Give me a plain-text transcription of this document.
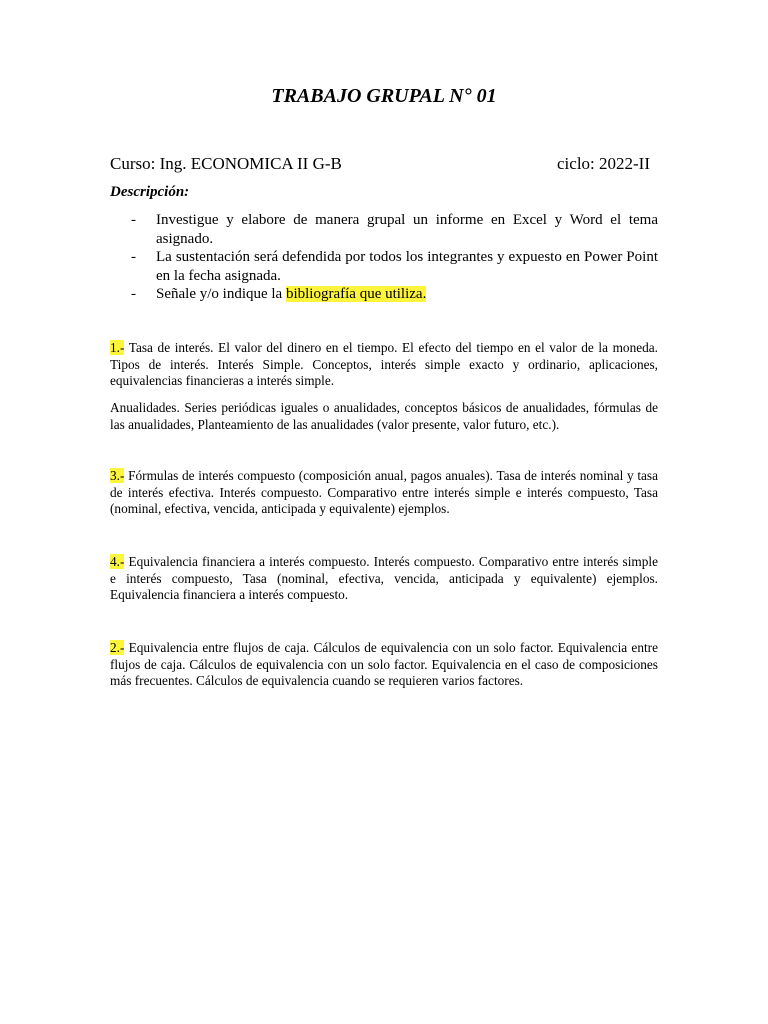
TRABAJO GRUPAL N° 01
Curso: Ing. ECONOMICA II G-B	ciclo: 2022-II
Descripción:
- Investigue y elabore de manera grupal un informe en Excel y Word el tema asignado.
- La sustentación será defendida por todos los integrantes y expuesto en Power Point en la fecha asignada.
- Señale y/o indique la bibliografía que utiliza.

1.- Tasa de interés. El valor del dinero en el tiempo. El efecto del tiempo en el valor de la moneda. Tipos de interés. Interés Simple. Conceptos, interés simple exacto y ordinario, aplicaciones, equivalencias financieras a interés simple.

Anualidades. Series periódicas iguales o anualidades, conceptos básicos de anualidades, fórmulas de las anualidades, Planteamiento de las anualidades (valor presente, valor futuro, etc.).

3.- Fórmulas de interés compuesto (composición anual, pagos anuales). Tasa de interés nominal y tasa de interés efectiva. Interés compuesto. Comparativo entre interés simple e interés compuesto, Tasa (nominal, efectiva, vencida, anticipada y equivalente) ejemplos.

4.- Equivalencia financiera a interés compuesto. Interés compuesto. Comparativo entre interés simple e interés compuesto, Tasa (nominal, efectiva, vencida, anticipada y equivalente) ejemplos. Equivalencia financiera a interés compuesto.

2.- Equivalencia entre flujos de caja. Cálculos de equivalencia con un solo factor. Equivalencia entre flujos de caja. Cálculos de equivalencia con un solo factor. Equivalencia en el caso de composiciones más frecuentes. Cálculos de equivalencia cuando se requieren varios factores.
